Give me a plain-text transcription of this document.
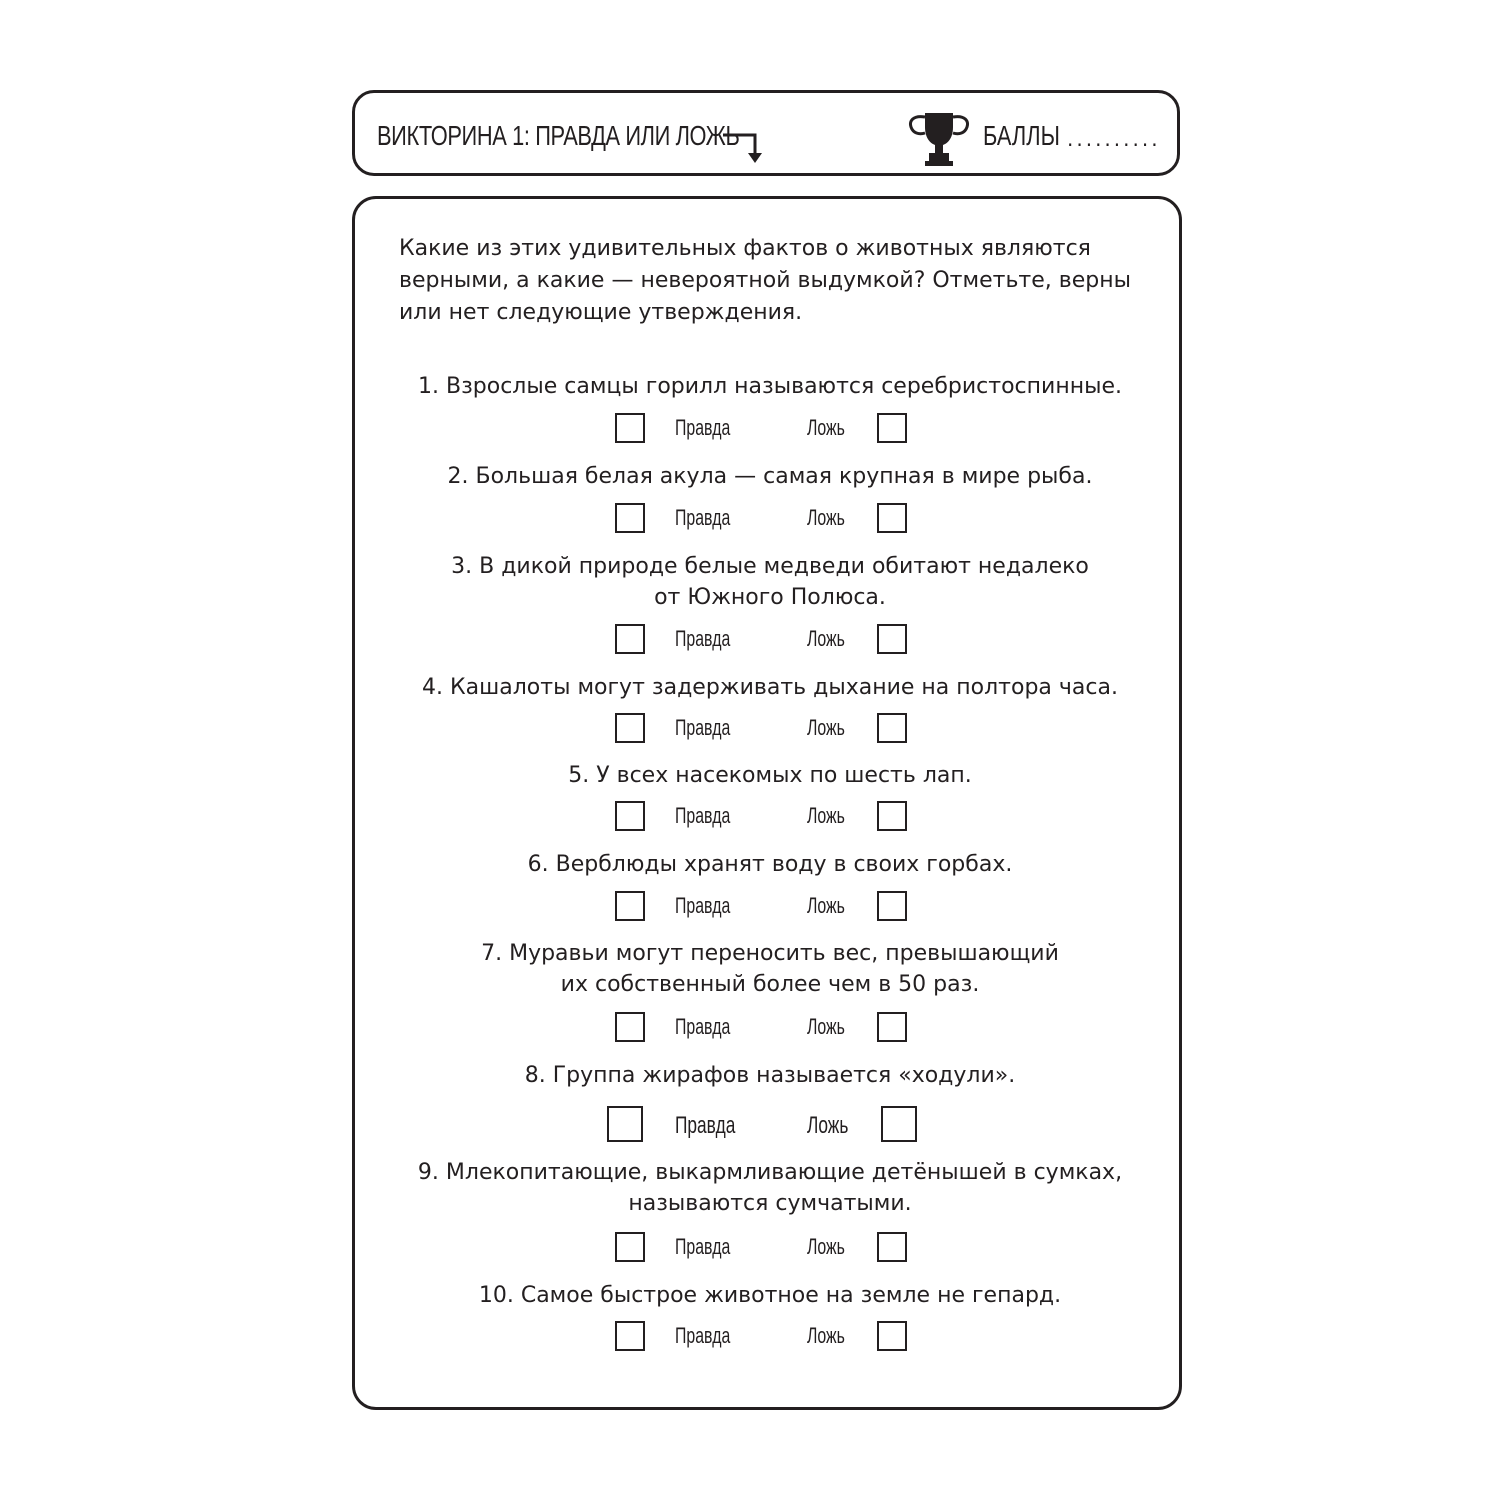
ВИКТОРИНА 1: ПРАВДА ИЛИ ЛОЖЬ	БАЛЛЫ ..........
Какие из этих удивительных фактов о животных являются верными, а какие — невероятной выдумкой? Отметьте, верны или нет следующие утверждения.
1. Взрослые самцы горилл называются серебристоспинные.
Правда	Ложь
2. Большая белая акула — самая крупная в мире рыба.
Правда	Ложь
3. В дикой природе белые медведи обитают недалеко
от Южного Полюса.
Правда	Ложь
4. Кашалоты могут задерживать дыхание на полтора часа.
Правда	Ложь
5. У всех насекомых по шесть лап.
Правда	Ложь
6. Верблюды хранят воду в своих горбах.
Правда	Ложь
7. Муравьи могут переносить вес, превышающий
их собственный более чем в 50 раз.
Правда	Ложь
8. Группа жирафов называется «ходули».
Правда	Ложь
9. Млекопитающие, выкармливающие детёнышей в сумках,
называются сумчатыми.
Правда	Ложь
10. Самое быстрое животное на земле не гепард.
Правда	Ложь
